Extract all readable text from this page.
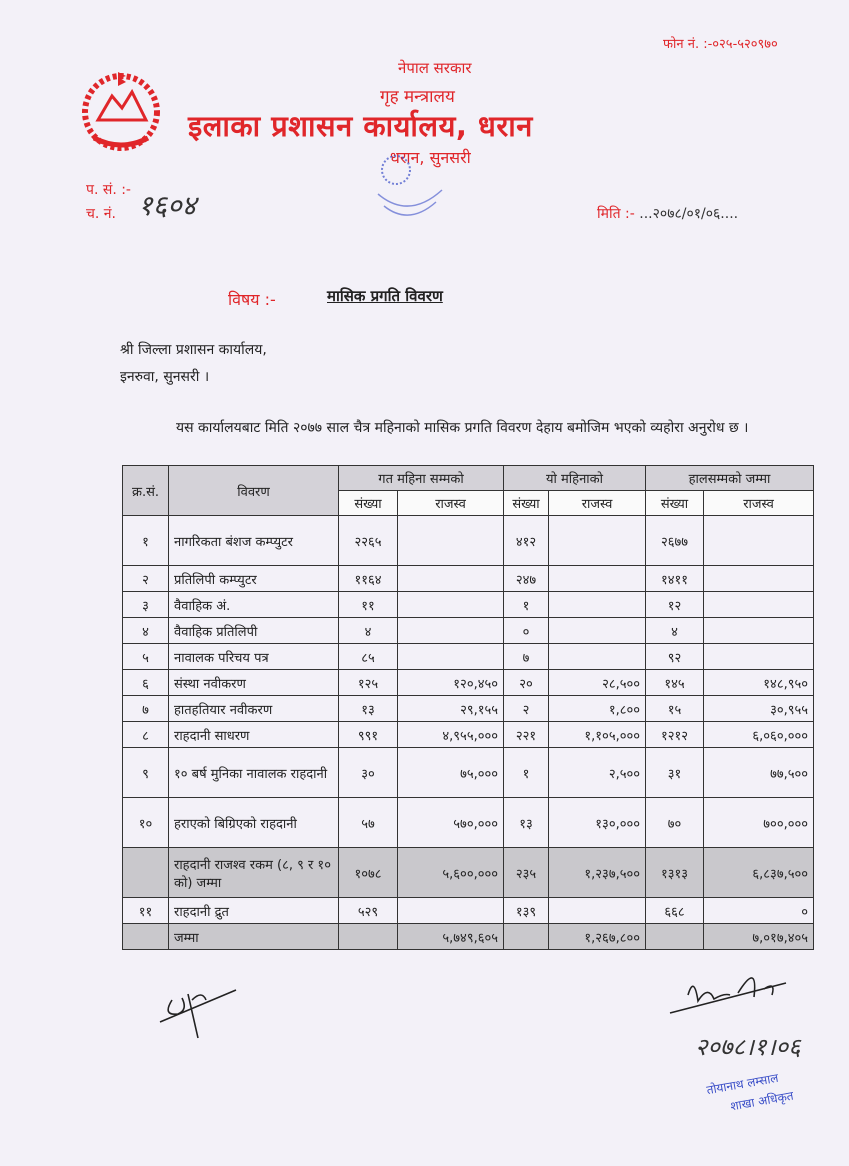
फोन नं. :-०२५-५२०९७०
नेपाल सरकार
गृह मन्त्रालय
इलाका प्रशासन कार्यालय, धरान
धरान, सुनसरी
प. सं. :-
च. नं. १६०४	मिति :- ...२०७८/०१/०६....
विषय :-	मासिक प्रगति विवरण
श्री जिल्ला प्रशासन कार्यालय,
इनरुवा, सुनसरी ।
यस कार्यालयबाट मिति २०७७ साल चैत्र महिनाको मासिक प्रगति विवरण देहाय बमोजिम भएको व्यहोरा अनुरोध छ ।
क्र.सं.	विवरण	गत महिना सम्मको		यो महिनाको		हालसम्मको जम्मा	
		संख्या	राजस्व	संख्या	राजस्व	संख्या	राजस्व
१	नागरिकता बंशज कम्प्युटर	२२६५		४१२		२६७७	
२	प्रतिलिपी कम्प्युटर	११६४		२४७		१४११	
३	वैवाहिक अं.	११		१		१२	
४	वैवाहिक प्रतिलिपी	४		०		४	
५	नावालक परिचय पत्र	८५		७		९२	
६	संस्था नवीकरण	१२५	१२०,४५०	२०	२८,५००	१४५	१४८,९५०
७	हातहतियार नवीकरण	१३	२९,१५५	२	१,८००	१५	३०,९५५
८	राहदानी साधरण	९९१	४,९५५,०००	२२१	१,१०५,०००	१२१२	६,०६०,०००
९	१० बर्ष मुनिका नावालक राहदानी	३०	७५,०००	१	२,५००	३१	७७,५००
१०	हराएको बिग्रिएको राहदानी	५७	५७०,०००	१३	१३०,०००	७०	७००,०००
	राहदानी राजश्व रकम (८, ९ र १० को) जम्मा	१०७८	५,६००,०००	२३५	१,२३७,५००	१३१३	६,८३७,५००
११	राहदानी द्रुत	५२९		१३९		६६८	०
	जम्मा		५,७४९,६०५		१,२६७,८००		७,०१७,४०५
२०७८।१।०६
तोयानाथ लम्साल
शाखा अधिकृत
